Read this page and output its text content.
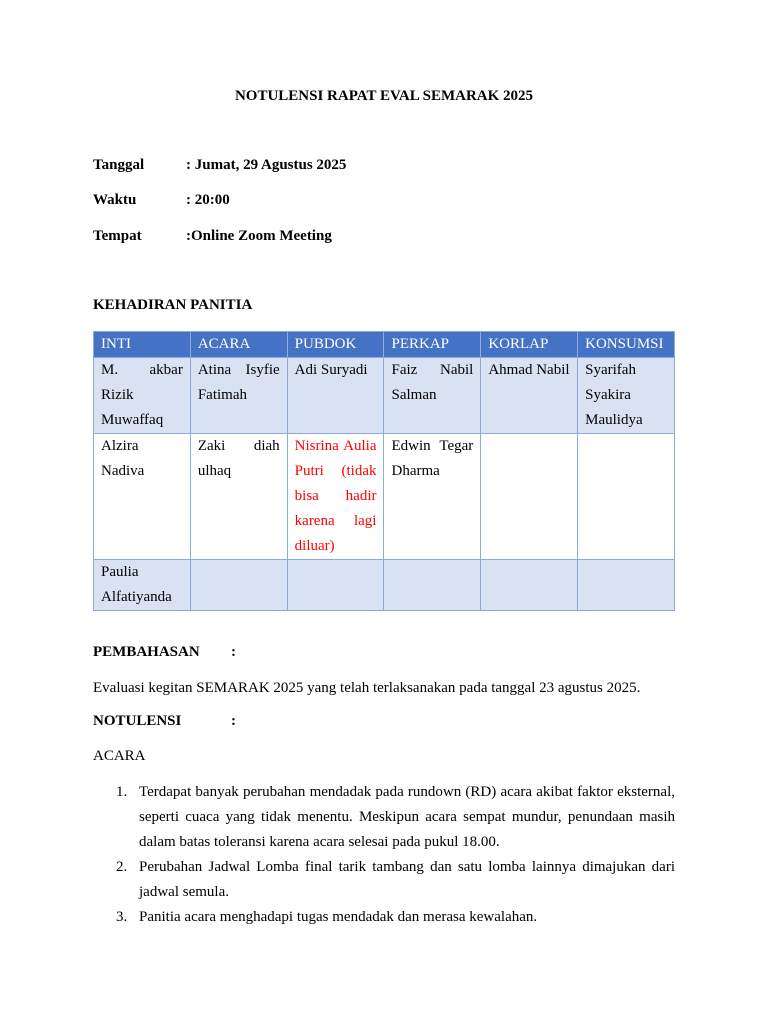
NOTULENSI RAPAT EVAL SEMARAK 2025
Tanggal	: Jumat, 29 Agustus 2025
Waktu	: 20:00
Tempat	:Online Zoom Meeting
KEHADIRAN PANITIA
INTI	ACARA	PUBDOK	PERKAP	KORLAP	KONSUMSI
M. akbar Rizik Muwaffaq	Atina Isyfie Fatimah	Adi Suryadi	Faiz Nabil Salman	Ahmad Nabil	Syarifah Syakira Maulidya
Alzira Nadiva	Zaki diah ulhaq	Nisrina Aulia Putri (tidak bisa hadir karena lagi diluar)	Edwin Tegar Dharma		
Paulia Alfatiyanda					
PEMBAHASAN :
Evaluasi kegitan SEMARAK 2025 yang telah terlaksanakan pada tanggal 23 agustus 2025.
NOTULENSI	:
ACARA
1. Terdapat banyak perubahan mendadak pada rundown (RD) acara akibat faktor eksternal, seperti cuaca yang tidak menentu. Meskipun acara sempat mundur, penundaan masih dalam batas toleransi karena acara selesai pada pukul 18.00.
2. Perubahan Jadwal Lomba final tarik tambang dan satu lomba lainnya dimajukan dari jadwal semula.
3. Panitia acara menghadapi tugas mendadak dan merasa kewalahan.
